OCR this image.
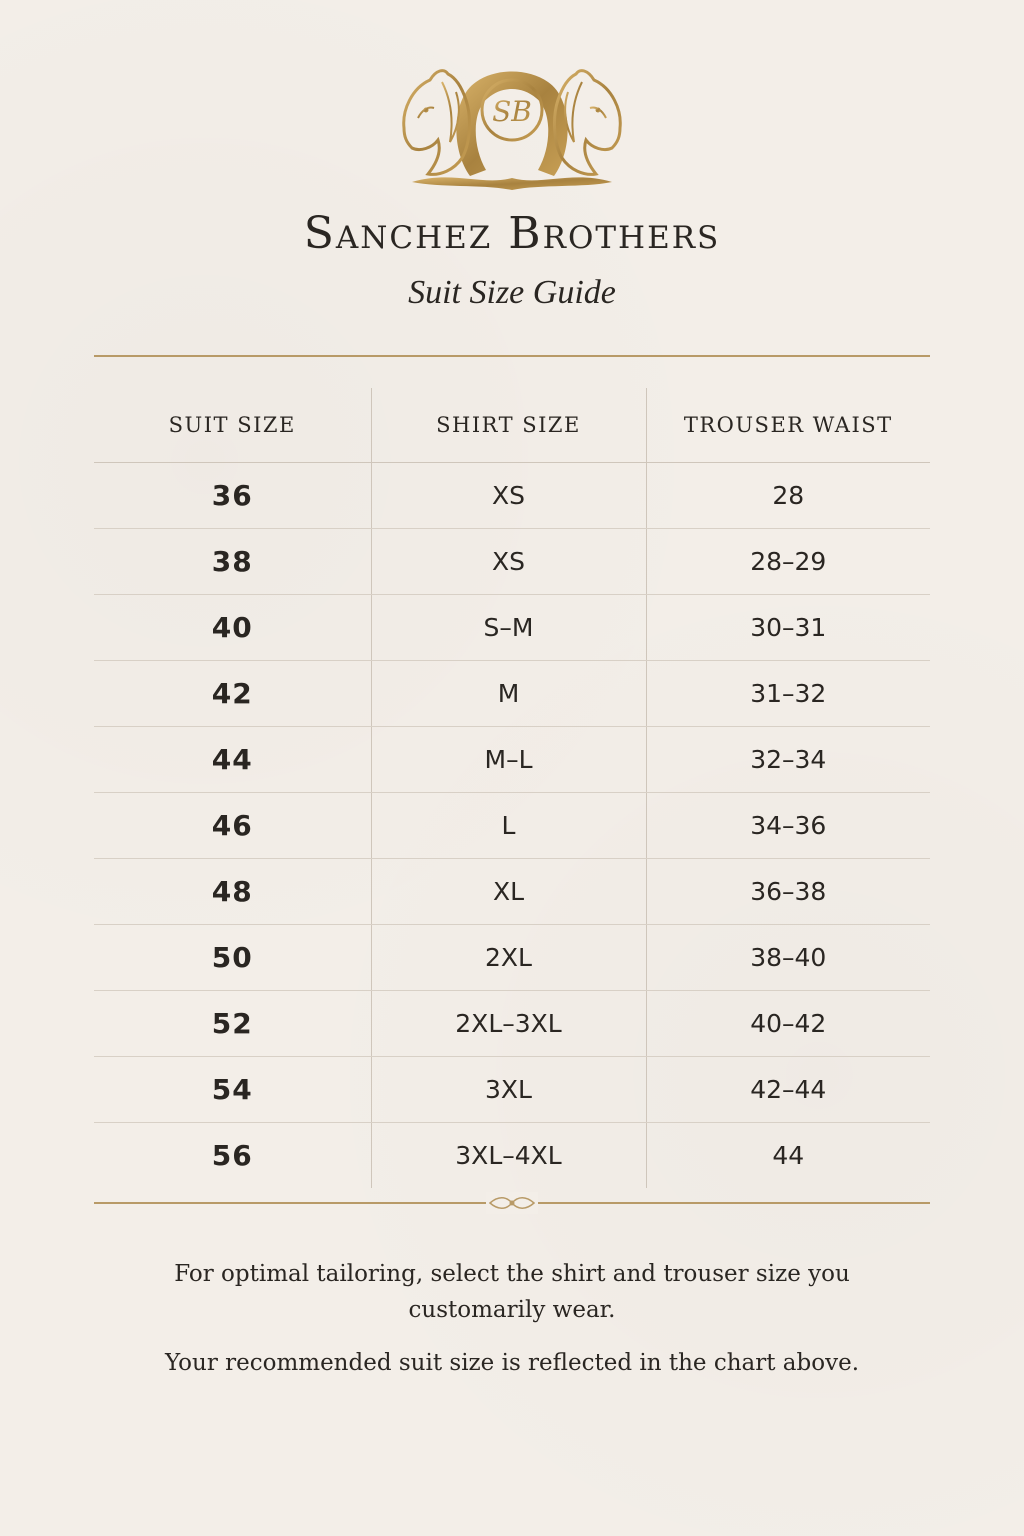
SB
Sanchez Brothers
Suit Size Guide
SUIT SIZE	SHIRT SIZE	TROUSER WAIST
36	XS	28
38	XS	28–29
40	S–M	30–31
42	M	31–32
44	M–L	32–34
46	L	34–36
48	XL	36–38
50	2XL	38–40
52	2XL–3XL	40–42
54	3XL	42–44
56	3XL–4XL	44
For optimal tailoring, select the shirt and trouser size you
customarily wear.
Your recommended suit size is reflected in the chart above.
